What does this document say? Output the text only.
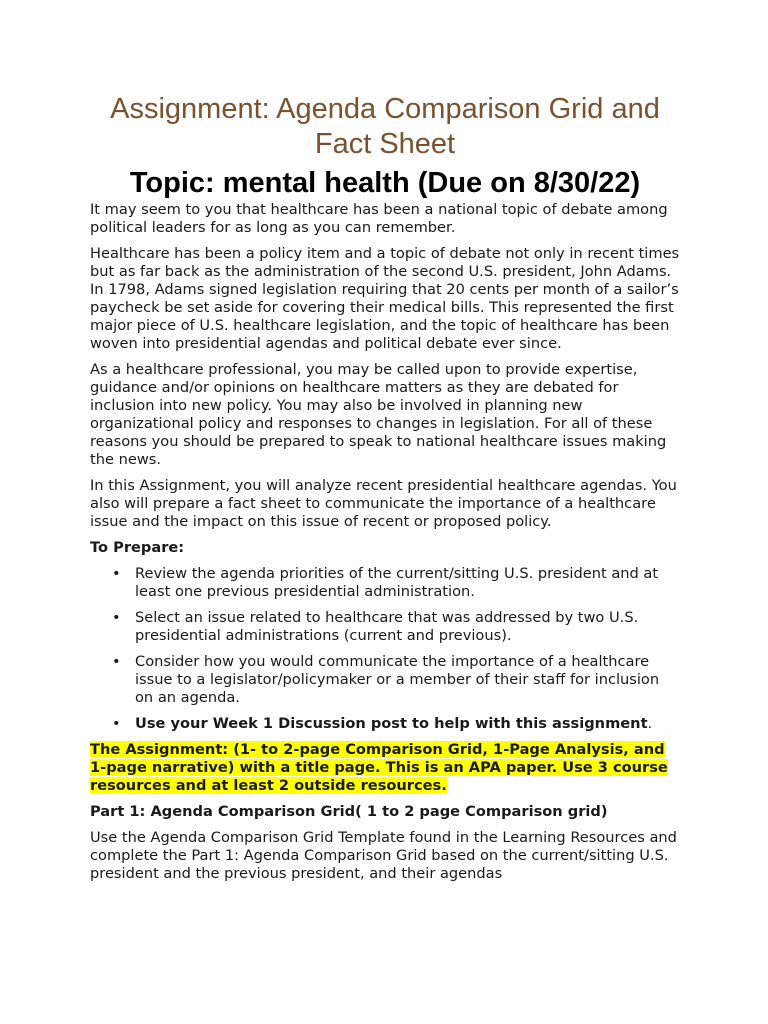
Assignment: Agenda Comparison Grid and Fact Sheet
Topic: mental health (Due on 8/30/22)

It may seem to you that healthcare has been a national topic of debate among political leaders for as long as you can remember.

Healthcare has been a policy item and a topic of debate not only in recent times but as far back as the administration of the second U.S. president, John Adams. In 1798, Adams signed legislation requiring that 20 cents per month of a sailor’s paycheck be set aside for covering their medical bills. This represented the first major piece of U.S. healthcare legislation, and the topic of healthcare has been woven into presidential agendas and political debate ever since.

As a healthcare professional, you may be called upon to provide expertise, guidance and/or opinions on healthcare matters as they are debated for inclusion into new policy. You may also be involved in planning new organizational policy and responses to changes in legislation. For all of these reasons you should be prepared to speak to national healthcare issues making the news.

In this Assignment, you will analyze recent presidential healthcare agendas. You also will prepare a fact sheet to communicate the importance of a healthcare issue and the impact on this issue of recent or proposed policy.

To Prepare:

• Review the agenda priorities of the current/sitting U.S. president and at least one previous presidential administration.
• Select an issue related to healthcare that was addressed by two U.S. presidential administrations (current and previous).
• Consider how you would communicate the importance of a healthcare issue to a legislator/policymaker or a member of their staff for inclusion on an agenda.
• Use your Week 1 Discussion post to help with this assignment.

The Assignment: (1- to 2-page Comparison Grid, 1-Page Analysis, and 1-page narrative) with a title page. This is an APA paper. Use 3 course resources and at least 2 outside resources.

Part 1: Agenda Comparison Grid( 1 to 2 page Comparison grid)

Use the Agenda Comparison Grid Template found in the Learning Resources and complete the Part 1: Agenda Comparison Grid based on the current/sitting U.S. president and the previous president, and their agendas
